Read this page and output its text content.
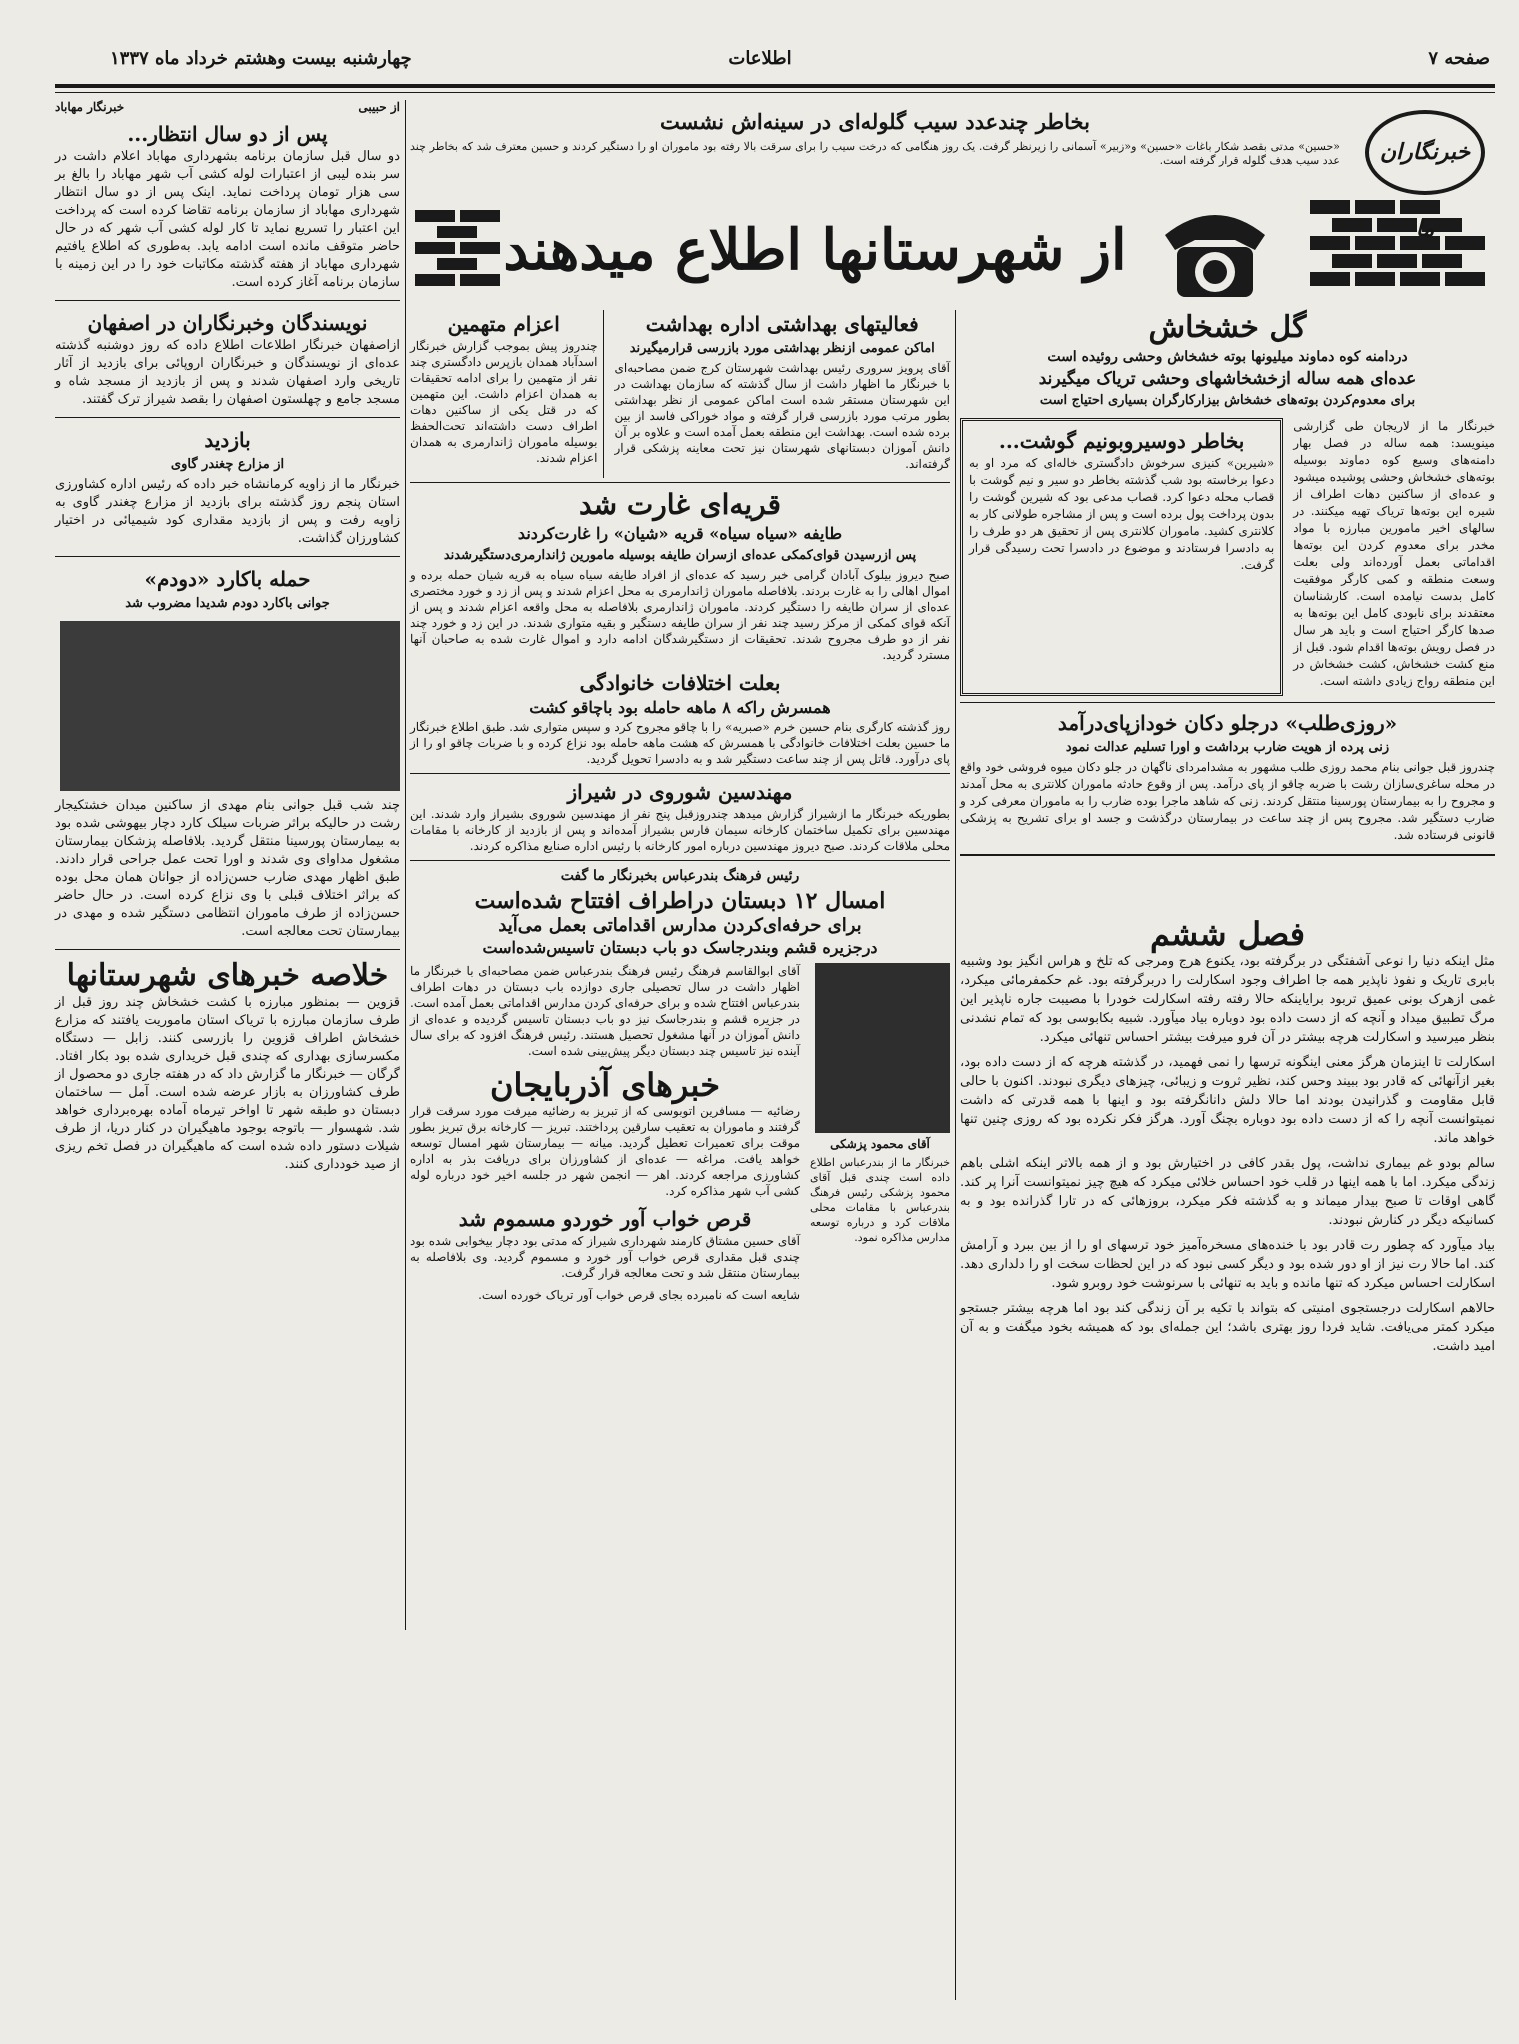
صفحه ۷
اطلاعات
چهارشنبه بیست وهشتم خرداد ماه ۱۳۳۷
از شهرستانها اطلاع میدهند
خبرنگاران ما

بخاطر چندعدد سیب گلوله‌ای در سینه‌اش نشست

«حسین» مدتی بقصد شکار باغات «حسین» و«زبیر» آسمانی را زیرنظر گرفت. یک روز هنگامی که درخت سیب را برای سرقت بالا رفته بود ماموران او را دستگیر کردند و حسین معترف شد که بخاطر چند عدد سیب هدف گلوله قرار گرفته است.

از حبیبی
خبرنگار مهاباد

پس از دو سال انتظار...

دو سال قبل سازمان برنامه بشهرداری مهاباد اعلام داشت در سر بنده لیبی از اعتبارات لوله کشی آب شهر مهاباد را بالغ بر سی هزار تومان پرداخت نماید. اینک پس از دو سال انتظار شهرداری مهاباد از سازمان برنامه تقاضا کرده است که پرداخت این اعتبار را تسریع نماید تا کار لوله کشی آب شهر که در حال حاضر متوقف مانده است ادامه یابد. به‌طوری که اطلاع یافتیم شهرداری مهاباد از هفته گذشته مکاتبات خود را در این زمینه با سازمان برنامه آغاز کرده است.

نویسندگان وخبرنگاران در اصفهان

ازاصفهان خبرنگار اطلاعات اطلاع داده که روز دوشنبه گذشته عده‌ای از نویسندگان و خبرنگاران اروپائی برای بازدید از آثار تاریخی وارد اصفهان شدند و پس از بازدید از مسجد شاه و مسجد جامع و چهلستون اصفهان را بقصد شیراز ترک گفتند.

بازدید

از مزارع چغندر گاوی

خبرنگار ما از زاویه کرمانشاه خبر داده که رئیس اداره کشاورزی استان پنجم روز گذشته برای بازدید از مزارع چغندر گاوی به زاویه رفت و پس از بازدید مقداری کود شیمیائی در اختیار کشاورزان گذاشت.

حمله باکارد «دودم»

جوانی باکارد دودم شدیدا مضروب شد

چند شب قبل جوانی بنام مهدی از ساکنین میدان خشتکیجار رشت در حالیکه براثر ضربات سیلک کارد دچار بیهوشی شده بود به بیمارستان پورسینا منتقل گردید. بلافاصله پزشکان بیمارستان مشغول مداوای وی شدند و اورا تحت عمل جراحی قرار دادند. طبق اظهار مهدی ضارب حسن‌زاده از جوانان همان محل بوده که براثر اختلاف قبلی با وی نزاع کرده است. در حال حاضر حسن‌زاده از طرف ماموران انتظامی دستگیر شده و مهدی در بیمارستان تحت معالجه است.

خلاصه خبرهای شهرستانها

قزوین — بمنظور مبارزه با کشت خشخاش چند روز قبل از طرف سازمان مبارزه با تریاک استان ماموریت یافتند که مزارع خشخاش اطراف قزوین را بازرسی کنند. زابل — دستگاه مکسرسازی بهداری که چندی قبل خریداری شده بود بکار افتاد. گرگان — خبرنگار ما گزارش داد که در هفته جاری دو محصول از طرف کشاورزان به بازار عرضه شده است. آمل — ساختمان دبستان دو طبقه شهر تا اواخر تیرماه آماده بهره‌برداری خواهد شد. شهسوار — باتوجه بوجود ماهیگیران در کنار دریا، از طرف شیلات دستور داده شده است که ماهیگیران در فصل تخم ریزی از صید خودداری کنند.

فعالیتهای بهداشتی اداره بهداشت

اماکن عمومی ازنظر بهداشتی مورد بازرسی قرارمیگیرند

آقای پرویز سروری رئیس بهداشت شهرستان کرج ضمن مصاحبه‌ای با خبرنگار ما اظهار داشت از سال گذشته که سازمان بهداشت در این شهرستان مستقر شده است اماکن عمومی از نظر بهداشتی بطور مرتب مورد بازرسی قرار گرفته و مواد خوراکی فاسد از بین برده شده است. بهداشت این منطقه بعمل آمده است و علاوه بر آن دانش آموزان دبستانهای شهرستان نیز تحت معاینه پزشکی قرار گرفته‌اند.

اعزام متهمین

چندروز پیش بموجب گزارش خبرنگار اسدآباد همدان بازپرس دادگستری چند نفر از متهمین را برای ادامه تحقیقات به همدان اعزام داشت. این متهمین که در قتل یکی از ساکنین دهات اطراف دست داشته‌اند تحت‌الحفظ بوسیله ماموران ژاندارمری به همدان اعزام شدند.

قریه‌ای غارت شد

طایفه «سیاه سیاه» قریه «شیان» را غارت‌کردند

پس ازرسیدن قوای‌کمکی عده‌ای ازسران طایفه بوسیله مامورین ژاندارمری‌دستگیرشدند

صبح دیروز بیلوک آبادان گرامی خبر رسید که عده‌ای از افراد طایفه سیاه سیاه به قریه شیان حمله برده و اموال اهالی را به غارت بردند. بلافاصله ماموران ژاندارمری به محل اعزام شدند و پس از زد و خورد مختصری عده‌ای از سران طایفه را دستگیر کردند. ماموران ژاندارمری بلافاصله به محل واقعه اعزام شدند و پس از آنکه قوای کمکی از مرکز رسید چند نفر از سران طایفه دستگیر و بقیه متواری شدند. در این زد و خورد چند نفر از دو طرف مجروح شدند. تحقیقات از دستگیرشدگان ادامه دارد و اموال غارت شده به صاحبان آنها مسترد گردید.

بعلت اختلافات خانوادگی

همسرش راکه ۸ ماهه حامله بود باچاقو کشت

روز گذشته کارگری بنام حسین خرم «صبریه» را با چاقو مجروح کرد و سپس متواری شد. طبق اطلاع خبرنگار ما حسین بعلت اختلافات خانوادگی با همسرش که هشت ماهه حامله بود نزاع کرده و با ضربات چاقو او را از پای درآورد. قاتل پس از چند ساعت دستگیر شد و به دادسرا تحویل گردید.

مهندسین شوروی در شیراز

بطوریکه خبرنگار ما ازشیراز گزارش میدهد چندروزقبل پنج نفر از مهندسین شوروی بشیراز وارد شدند. این مهندسین برای تکمیل ساختمان کارخانه سیمان فارس بشیراز آمده‌اند و پس از بازدید از کارخانه با مقامات محلی ملاقات کردند. صبح دیروز مهندسین درباره امور کارخانه با رئیس اداره صنایع مذاکره کردند.

رئیس فرهنگ بندرعباس بخبرنگار ما گفت

امسال ۱۲ دبستان دراطراف افتتاح شده‌است

برای حرفه‌ای‌کردن مدارس اقداماتی بعمل می‌آید

درجزیره قشم وبندرجاسک دو باب دبستان تاسیس‌شده‌است

آقای محمود پزشکی

خبرنگار ما از بندرعباس اطلاع داده است چندی قبل آقای محمود پزشکی رئیس فرهنگ بندرعباس با مقامات محلی ملاقات کرد و درباره توسعه مدارس مذاکره نمود.

آقای ابوالقاسم فرهنگ رئیس فرهنگ بندرعباس ضمن مصاحبه‌ای با خبرنگار ما اظهار داشت در سال تحصیلی جاری دوازده باب دبستان در دهات اطراف بندرعباس افتتاح شده و برای حرفه‌ای کردن مدارس اقداماتی بعمل آمده است. در جزیره قشم و بندرجاسک نیز دو باب دبستان تاسیس گردیده و عده‌ای از دانش آموزان در آنها مشغول تحصیل هستند. رئیس فرهنگ افزود که برای سال آینده نیز تاسیس چند دبستان دیگر پیش‌بینی شده است.

خبرهای آذربایجان

رضائیه — مسافرین اتوبوسی که از تبریز به رضائیه میرفت مورد سرقت قرار گرفتند و ماموران به تعقیب سارقین پرداختند. تبریز — کارخانه برق تبریز بطور موقت برای تعمیرات تعطیل گردید. میانه — بیمارستان شهر امسال توسعه خواهد یافت. مراغه — عده‌ای از کشاورزان برای دریافت بذر به اداره کشاورزی مراجعه کردند. اهر — انجمن شهر در جلسه اخیر خود درباره لوله کشی آب شهر مذاکره کرد.

قرص خواب آور خوردو مسموم شد

آقای حسین مشتاق کارمند شهرداری شیراز که مدتی بود دچار بیخوابی شده بود چندی قبل مقداری قرص خواب آور خورد و مسموم گردید. وی بلافاصله به بیمارستان منتقل شد و تحت معالجه قرار گرفت.

شایعه است که نامبرده بجای قرص خواب آور تریاک خورده است.

گل خشخاش

دردامنه کوه دماوند میلیونها بوته خشخاش وحشی روئیده است

عده‌ای همه ساله ازخشخاشهای وحشی تریاک میگیرند

برای معدوم‌کردن بوته‌های خشخاش بیزارکارگران بسیاری احتیاج است

خبرنگار ما از لاریجان طی گزارشی مینویسد: همه ساله در فصل بهار دامنه‌های وسیع کوه دماوند بوسیله بوته‌های خشخاش وحشی پوشیده میشود و عده‌ای از ساکنین دهات اطراف از شیره این بوته‌ها تریاک تهیه میکنند. در سالهای اخیر مامورین مبارزه با مواد مخدر برای معدوم کردن این بوته‌ها اقداماتی بعمل آورده‌اند ولی بعلت وسعت منطقه و کمی کارگر موفقیت کامل بدست نیامده است. کارشناسان معتقدند برای نابودی کامل این بوته‌ها به صدها کارگر احتیاج است و باید هر سال در فصل رویش بوته‌ها اقدام شود. قبل از منع کشت خشخاش، کشت خشخاش در این منطقه رواج زیادی داشته است.

بخاطر دوسیروبونیم گوشت...

«شیرین» کنیزی سرخوش دادگستری خاله‌ای که مرد او به دعوا برخاسته بود شب گذشته بخاطر دو سیر و نیم گوشت با قصاب محله دعوا کرد. قصاب مدعی بود که شیرین گوشت را بدون پرداخت پول برده است و پس از مشاجره طولانی کار به کلانتری کشید. ماموران کلانتری پس از تحقیق هر دو طرف را به دادسرا فرستادند و موضوع در دادسرا تحت رسیدگی قرار گرفت.

«روزی‌طلب» درجلو دکان خودازپای‌درآمد

زنی پرده از هویت ضارب برداشت و اورا تسلیم عدالت نمود

چندروز قبل جوانی بنام محمد روزی طلب مشهور به مشدامردای ناگهان در جلو دکان میوه فروشی خود واقع در محله ساغری‌سازان رشت با ضربه چاقو از پای درآمد. پس از وقوع حادثه ماموران کلانتری به محل آمدند و مجروح را به بیمارستان پورسینا منتقل کردند. زنی که شاهد ماجرا بوده ضارب را به ماموران معرفی کرد و ضارب دستگیر شد. مجروح پس از چند ساعت در بیمارستان درگذشت و جسد او برای تشریح به پزشکی قانونی فرستاده شد.

فصل ششم

مثل اینکه دنیا را نوعی آشفتگی در برگرفته بود، یکنوع هرج ومرجی که تلخ و هراس انگیز بود وشبیه بابری تاریک و نفوذ ناپذیر همه جا اطراف وجود اسکارلت را دربرگرفته بود. غم حکمفرمائی میکرد، غمی ازهرک بونی عمیق تربود برایاینکه حالا رفته رفته اسکارلت خودرا با مصیبت جاره ناپذیر این مرگ تطبیق میداد و آنچه که از دست داده بود دوباره بیاد میآورد. شبیه بکابوسی بود که تمام نشدنی بنظر میرسید و اسکارلت هرچه بیشتر در آن فرو میرفت بیشتر احساس تنهائی میکرد.

اسکارلت تا اینزمان هرگز معنی اینگونه ترسها را نمی فهمید، در گذشته هرچه که از دست داده بود، بغیر ازآنهائی که قادر بود ببیند وحس کند، نظیر ثروت و زیبائی، چیزهای دیگری نبودند. اکنون با حالی قابل مقاومت و گذرانیدن بودند اما حالا دلش دانانگرفته بود و اینها با همه قدرتی که داشت نمیتوانست آنچه را که از دست داده بود دوباره بچنگ آورد. هرگز فکر نکرده بود که روزی چنین تنها خواهد ماند.

سالم بودو غم بیماری نداشت، پول بقدر کافی در اختیارش بود و از همه بالاتر اینکه اشلی باهم زندگی میکرد. اما با همه اینها در قلب خود احساس خلائی میکرد که هیچ چیز نمیتوانست آنرا پر کند. گاهی اوقات تا صبح بیدار میماند و به گذشته فکر میکرد، بروزهائی که در تارا گذرانده بود و به کسانیکه دیگر در کنارش نبودند.

بیاد میآورد که چطور رت قادر بود با خنده‌های مسخره‌آمیز خود ترسهای او را از بین ببرد و آرامش کند. اما حالا رت نیز از او دور شده بود و دیگر کسی نبود که در این لحظات سخت او را دلداری دهد. اسکارلت احساس میکرد که تنها مانده و باید به تنهائی با سرنوشت خود روبرو شود.

حالاهم اسکارلت درجستجوی امنیتی که بتواند با تکیه بر آن زندگی کند بود اما هرچه بیشتر جستجو میکرد کمتر می‌یافت. شاید فردا روز بهتری باشد؛ این جمله‌ای بود که همیشه بخود میگفت و به آن امید داشت.
